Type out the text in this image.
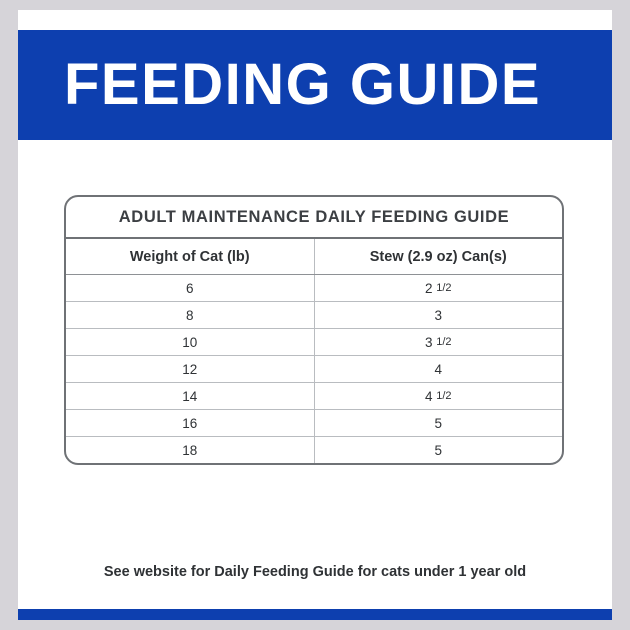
FEEDING GUIDE
ADULT MAINTENANCE DAILY FEEDING GUIDE
Weight of Cat (lb)	Stew (2.9 oz) Can(s)
6	2 1/2
8	3
10	3 1/2
12	4
14	4 1/2
16	5
18	5
See website for Daily Feeding Guide for cats under 1 year old
